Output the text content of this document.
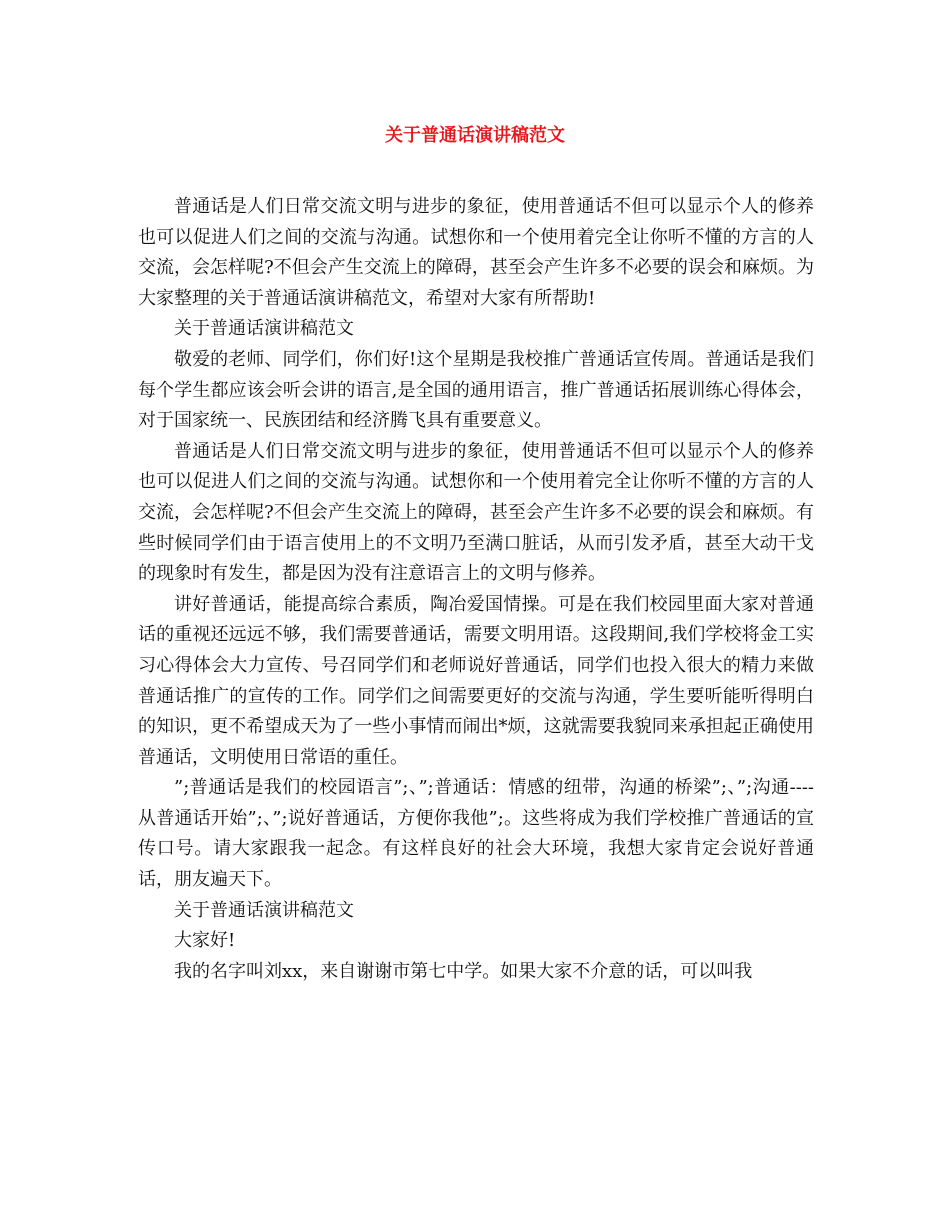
关于普通话演讲稿范文

普通话是人们日常交流文明与进步的象征，使用普通话不但可以显示个人的修养也可以促进人们之间的交流与沟通。试想你和一个使用着完全让你听不懂的方言的人交流，会怎样呢?不但会产生交流上的障碍，甚至会产生许多不必要的误会和麻烦。为大家整理的关于普通话演讲稿范文，希望对大家有所帮助!

关于普通话演讲稿范文

敬爱的老师、同学们，你们好!这个星期是我校推广普通话宣传周。普通话是我们每个学生都应该会听会讲的语言,是全国的通用语言，推广普通话拓展训练心得体会，对于国家统一、民族团结和经济腾飞具有重要意义。

普通话是人们日常交流文明与进步的象征，使用普通话不但可以显示个人的修养也可以促进人们之间的交流与沟通。试想你和一个使用着完全让你听不懂的方言的人交流，会怎样呢?不但会产生交流上的障碍，甚至会产生许多不必要的误会和麻烦。有些时候同学们由于语言使用上的不文明乃至满口脏话，从而引发矛盾，甚至大动干戈的现象时有发生，都是因为没有注意语言上的文明与修养。

讲好普通话，能提高综合素质，陶冶爱国情操。可是在我们校园里面大家对普通话的重视还远远不够，我们需要普通话，需要文明用语。这段期间,我们学校将金工实习心得体会大力宣传、号召同学们和老师说好普通话，同学们也投入很大的精力来做普通话推广的宣传的工作。同学们之间需要更好的交流与沟通，学生要听能听得明白的知识，更不希望成天为了一些小事情而闹出*烦，这就需要我貌同来承担起正确使用普通话，文明使用日常语的重任。

”;普通话是我们的校园语言”;、”;普通话：情感的纽带，沟通的桥梁”;、”;沟通----从普通话开始”;、”;说好普通话，方便你我他”;。这些将成为我们学校推广普通话的宣传口号。请大家跟我一起念。有这样良好的社会大环境，我想大家肯定会说好普通话，朋友遍天下。

关于普通话演讲稿范文

大家好!

我的名字叫刘xx，来自谢谢市第七中学。如果大家不介意的话，可以叫我
